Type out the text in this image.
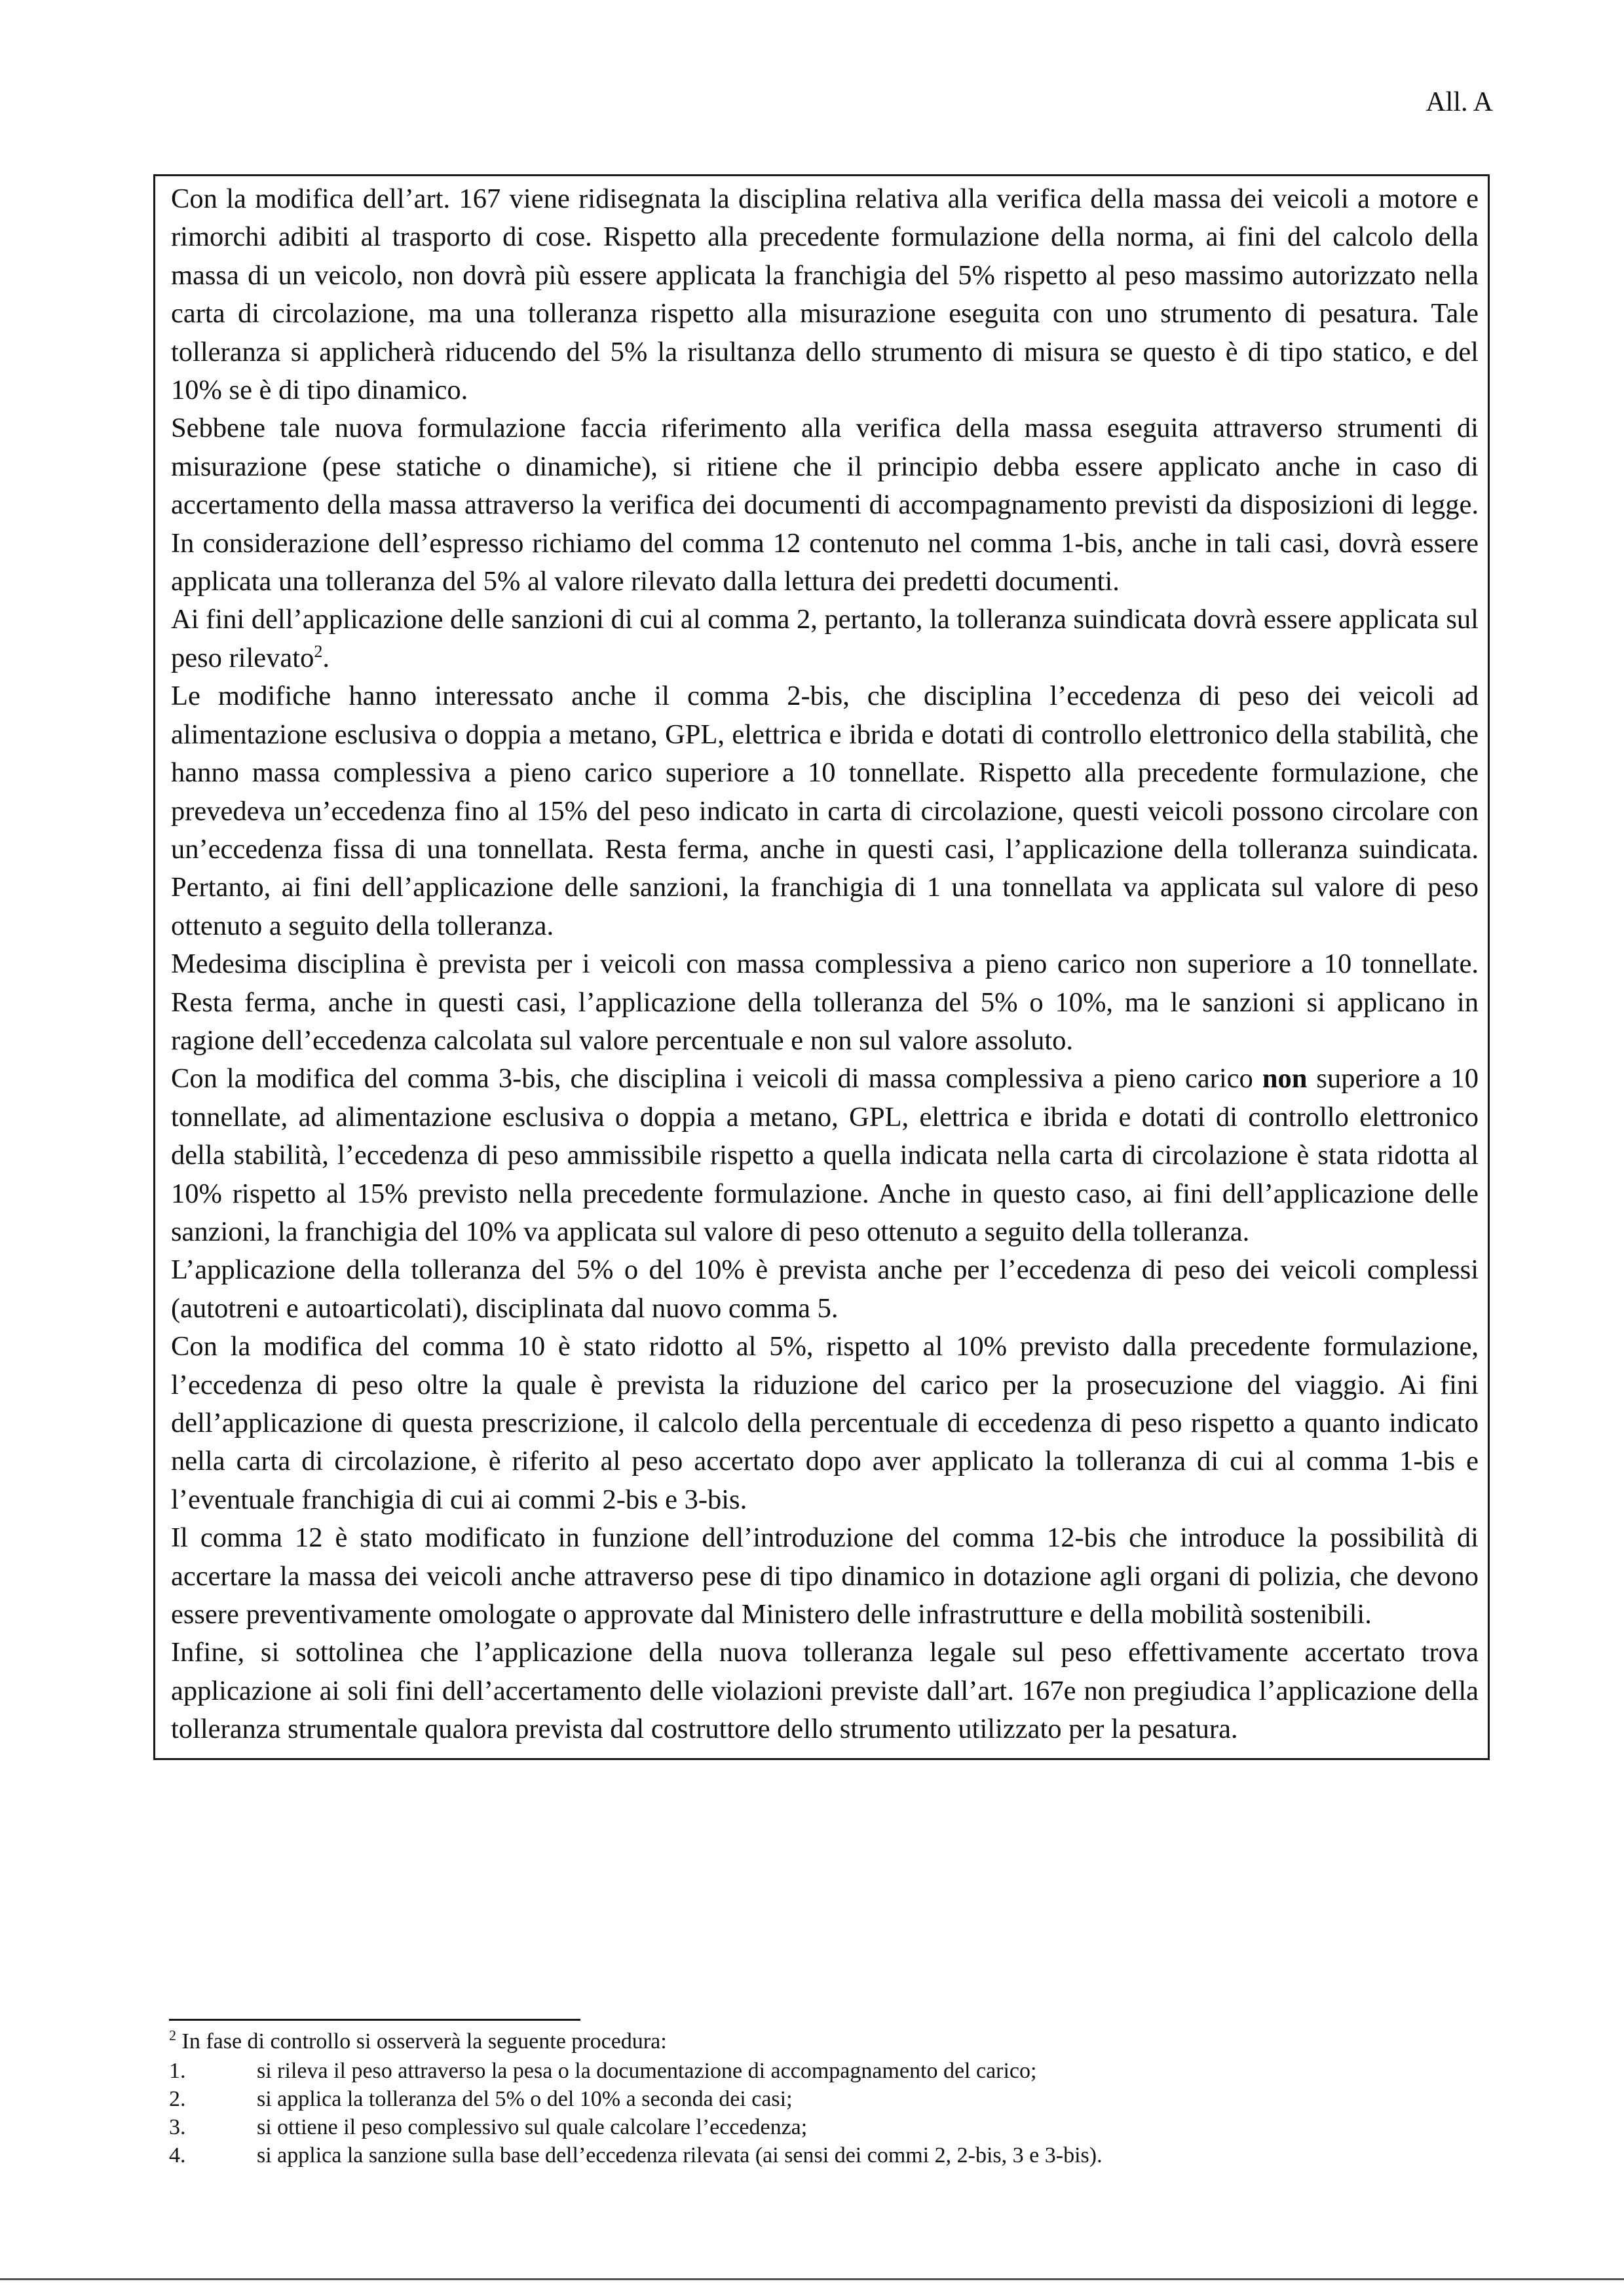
All. A

Con la modifica dell’art. 167 viene ridisegnata la disciplina relativa alla verifica della massa dei veicoli a motore e rimorchi adibiti al trasporto di cose. Rispetto alla precedente formulazione della norma, ai fini del calcolo della massa di un veicolo, non dovrà più essere applicata la franchigia del 5% rispetto al peso massimo autorizzato nella carta di circolazione, ma una tolleranza rispetto alla misurazione eseguita con uno strumento di pesatura. Tale tolleranza si applicherà riducendo del 5% la risultanza dello strumento di misura se questo è di tipo statico, e del 10% se è di tipo dinamico.

Sebbene tale nuova formulazione faccia riferimento alla verifica della massa eseguita attraverso strumenti di misurazione (pese statiche o dinamiche), si ritiene che il principio debba essere applicato anche in caso di accertamento della massa attraverso la verifica dei documenti di accompagnamento previsti da disposizioni di legge. In considerazione dell’espresso richiamo del comma 12 contenuto nel comma 1-bis, anche in tali casi, dovrà essere applicata una tolleranza del 5% al valore rilevato dalla lettura dei predetti documenti.

Ai fini dell’applicazione delle sanzioni di cui al comma 2, pertanto, la tolleranza suindicata dovrà essere applicata sul peso rilevato$^2$.

Le modifiche hanno interessato anche il comma 2-bis, che disciplina l’eccedenza di peso dei veicoli ad alimentazione esclusiva o doppia a metano, GPL, elettrica e ibrida e dotati di controllo elettronico della stabilità, che hanno massa complessiva a pieno carico superiore a 10 tonnellate. Rispetto alla precedente formulazione, che prevedeva un’eccedenza fino al 15% del peso indicato in carta di circolazione, questi veicoli possono circolare con un’eccedenza fissa di una tonnellata. Resta ferma, anche in questi casi, l’applicazione della tolleranza suindicata. Pertanto, ai fini dell’applicazione delle sanzioni, la franchigia di 1 una tonnellata va applicata sul valore di peso ottenuto a seguito della tolleranza.

Medesima disciplina è prevista per i veicoli con massa complessiva a pieno carico non superiore a 10 tonnellate. Resta ferma, anche in questi casi, l’applicazione della tolleranza del 5% o 10%, ma le sanzioni si applicano in ragione dell’eccedenza calcolata sul valore percentuale e non sul valore assoluto.

Con la modifica del comma 3-bis, che disciplina i veicoli di massa complessiva a pieno carico non superiore a 10 tonnellate, ad alimentazione esclusiva o doppia a metano, GPL, elettrica e ibrida e dotati di controllo elettronico della stabilità, l’eccedenza di peso ammissibile rispetto a quella indicata nella carta di circolazione è stata ridotta al 10% rispetto al 15% previsto nella precedente formulazione. Anche in questo caso, ai fini dell’applicazione delle sanzioni, la franchigia del 10% va applicata sul valore di peso ottenuto a seguito della tolleranza.

L’applicazione della tolleranza del 5% o del 10% è prevista anche per l’eccedenza di peso dei veicoli complessi (autotreni e autoarticolati), disciplinata dal nuovo comma 5.

Con la modifica del comma 10 è stato ridotto al 5%, rispetto al 10% previsto dalla precedente formulazione, l’eccedenza di peso oltre la quale è prevista la riduzione del carico per la prosecuzione del viaggio. Ai fini dell’applicazione di questa prescrizione, il calcolo della percentuale di eccedenza di peso rispetto a quanto indicato nella carta di circolazione, è riferito al peso accertato dopo aver applicato la tolleranza di cui al comma 1-bis e l’eventuale franchigia di cui ai commi 2-bis e 3-bis.

Il comma 12 è stato modificato in funzione dell’introduzione del comma 12-bis che introduce la possibilità di accertare la massa dei veicoli anche attraverso pese di tipo dinamico in dotazione agli organi di polizia, che devono essere preventivamente omologate o approvate dal Ministero delle infrastrutture e della mobilità sostenibili.

Infine, si sottolinea che l’applicazione della nuova tolleranza legale sul peso effettivamente accertato trova applicazione ai soli fini dell’accertamento delle violazioni previste dall’art. 167e non pregiudica l’applicazione della tolleranza strumentale qualora prevista dal costruttore dello strumento utilizzato per la pesatura.

$^2$ In fase di controllo si osserverà la seguente procedura:

1.	si rileva il peso attraverso la pesa o la documentazione di accompagnamento del carico;
2.	si applica la tolleranza del 5% o del 10% a seconda dei casi;
3.	si ottiene il peso complessivo sul quale calcolare l’eccedenza;
4.	si applica la sanzione sulla base dell’eccedenza rilevata (ai sensi dei commi 2, 2-bis, 3 e 3-bis).
